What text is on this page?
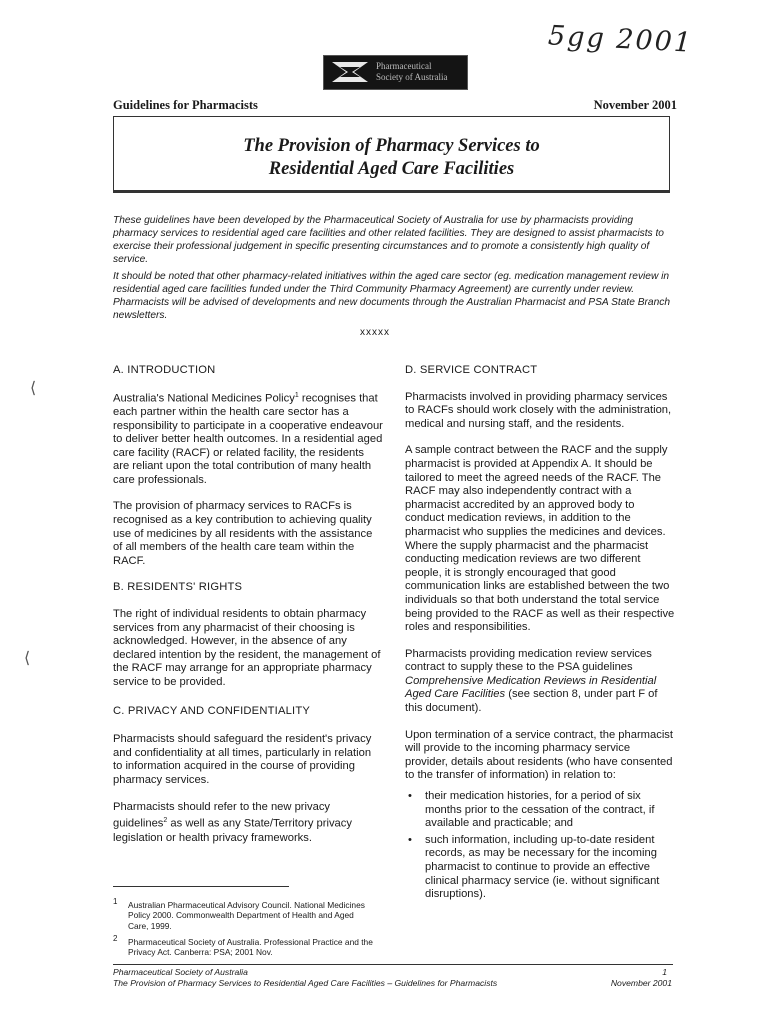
5gg 2001
Pharmaceutical
Society of Australia
Guidelines for Pharmacists	November 2001
The Provision of Pharmacy Services to
Residential Aged Care Facilities

These guidelines have been developed by the Pharmaceutical Society of Australia for use by pharmacists providing pharmacy services to residential aged care facilities and other related facilities. They are designed to assist pharmacists to exercise their professional judgement in specific presenting circumstances and to promote a consistently high quality of service.

It should be noted that other pharmacy-related initiatives within the aged care sector (eg. medication management review in residential aged care facilities funded under the Third Community Pharmacy Agreement) are currently under review. Pharmacists will be advised of developments and new documents through the Australian Pharmacist and PSA State Branch newsletters.

xxxxx
⟨
⟨
A. INTRODUCTION

Australia's National Medicines Policy$^1$ recognises that each partner within the health care sector has a responsibility to participate in a cooperative endeavour to deliver better health outcomes. In a residential aged care facility (RACF) or related facility, the residents are reliant upon the total contribution of many health care professionals.

The provision of pharmacy services to RACFs is recognised as a key contribution to achieving quality use of medicines by all residents with the assistance of all members of the health care team within the RACF.

B. RESIDENTS' RIGHTS

The right of individual residents to obtain pharmacy services from any pharmacist of their choosing is acknowledged. However, in the absence of any declared intention by the resident, the management of the RACF may arrange for an appropriate pharmacy service to be provided.

C. PRIVACY AND CONFIDENTIALITY

Pharmacists should safeguard the resident's privacy and confidentiality at all times, particularly in relation to information acquired in the course of providing pharmacy services.

Pharmacists should refer to the new privacy guidelines$^2$ as well as any State/Territory privacy legislation or health privacy frameworks.

D. SERVICE CONTRACT

Pharmacists involved in providing pharmacy services to RACFs should work closely with the administration, medical and nursing staff, and the residents.

A sample contract between the RACF and the supply pharmacist is provided at Appendix A. It should be tailored to meet the agreed needs of the RACF. The RACF may also independently contract with a pharmacist accredited by an approved body to conduct medication reviews, in addition to the pharmacist who supplies the medicines and devices. Where the supply pharmacist and the pharmacist conducting medication reviews are two different people, it is strongly encouraged that good communication links are established between the two individuals so that both understand the total service being provided to the RACF as well as their respective roles and responsibilities.

Pharmacists providing medication review services contract to supply these to the PSA guidelines Comprehensive Medication Reviews in Residential Aged Care Facilities (see section 8, under part F of this document).

Upon termination of a service contract, the pharmacist will provide to the incoming pharmacy service provider, details about residents (who have consented to the transfer of information) in relation to:

• their medication histories, for a period of six months prior to the cessation of the contract, if available and practicable; and
• such information, including up-to-date resident records, as may be necessary for the incoming pharmacist to continue to provide an effective clinical pharmacy service (ie. without significant disruptions).
1 Australian Pharmaceutical Advisory Council. National Medicines Policy 2000. Commonwealth Department of Health and Aged Care, 1999.
2 Pharmaceutical Society of Australia. Professional Practice and the Privacy Act. Canberra: PSA; 2001 Nov.
Pharmaceutical Society of Australia
The Provision of Pharmacy Services to Residential Aged Care Facilities – Guidelines for Pharmacists
1
November 2001
